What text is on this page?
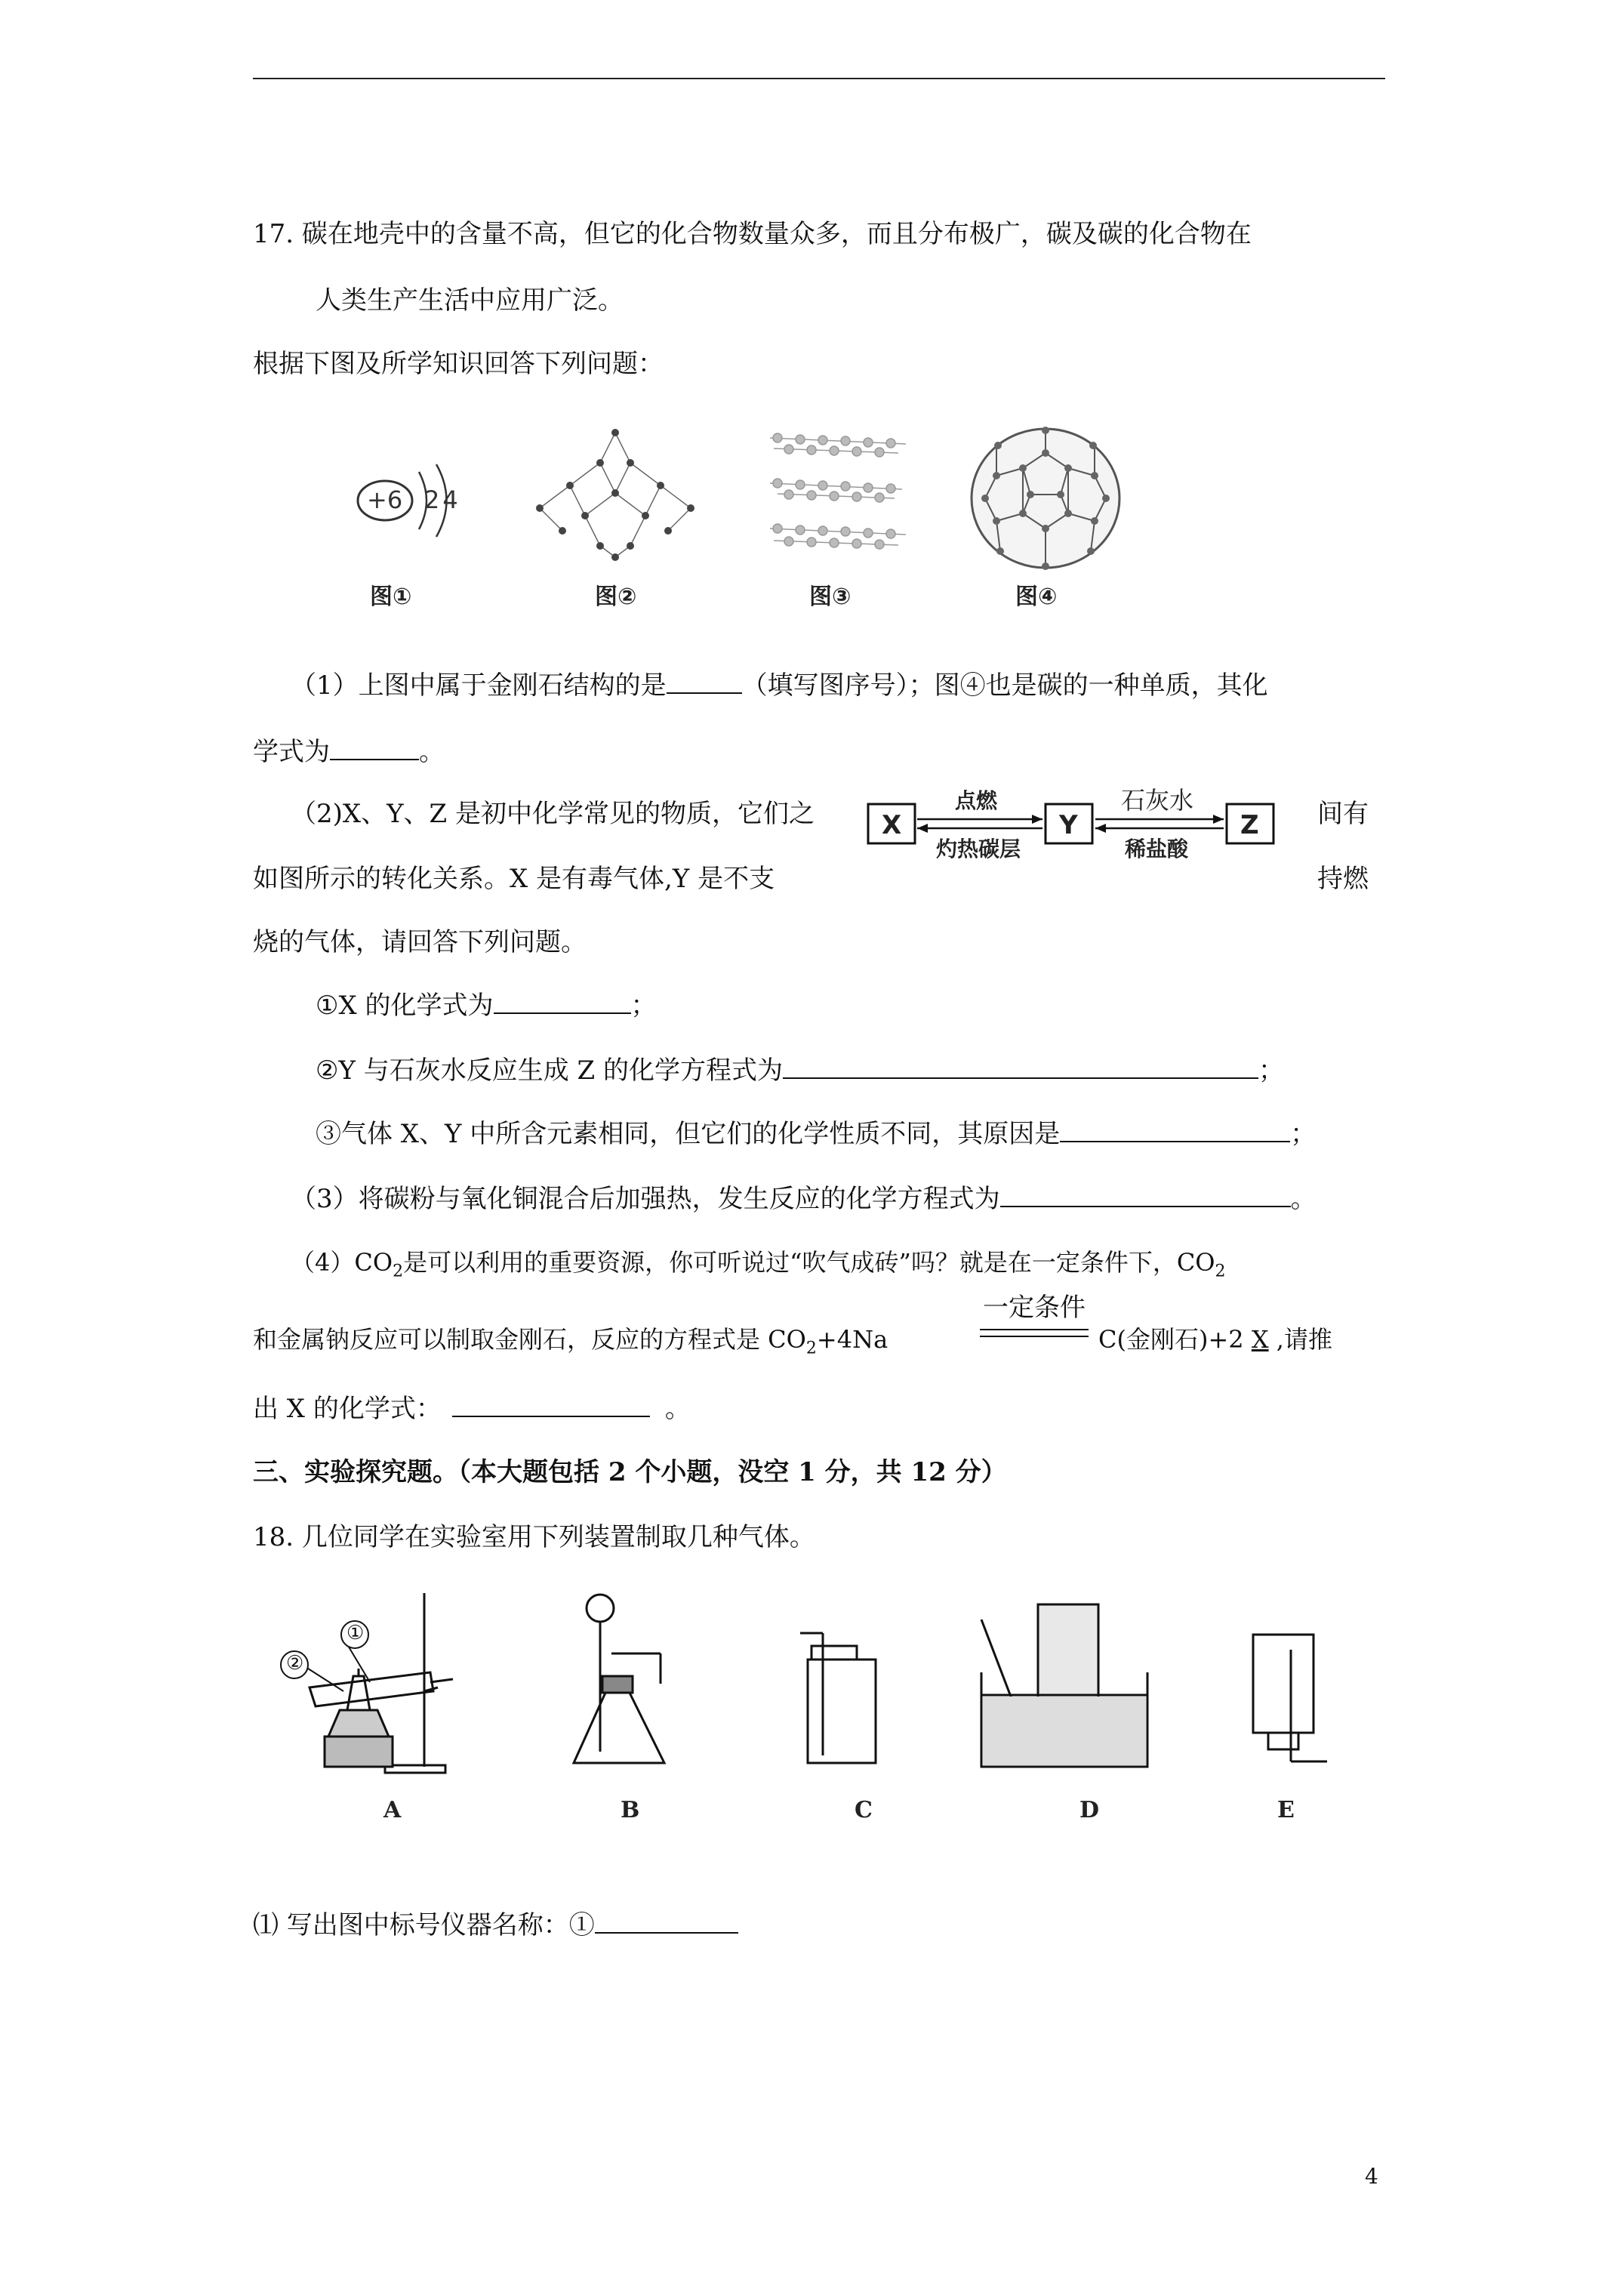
17. 碳在地壳中的含量不高，但它的化合物数量众多，而且分布极广，碳及碳的化合物在
人类生产生活中应用广泛。
根据下图及所学知识回答下列问题：
+6 24
图①	图②	图③	图④
（1）上图中属于金刚石结构的是	（填写图序号）；图④也是碳的一种单质，其化
学式为	。
（2)X、Y、Z 是初中化学常见的物质，它们之	间有
如图所示的转化关系。X 是有毒气体,Y 是不支	持燃
烧的气体，请回答下列问题。
X	Y	Z
点燃
灼热碳层
石灰水
稀盐酸
①X 的化学式为	；
②Y 与石灰水反应生成 Z 的化学方程式为	；
③气体 X、Y 中所含元素相同，但它们的化学性质不同，其原因是	；
（3）将碳粉与氧化铜混合后加强热，发生反应的化学方程式为	。
$(4)CO_2$是可以利用的重要资源，你可听说过“吹气成砖”吗？就是在一定条件下，$CO_2$
和金属钠反应可以制取金刚石，反应的方程式是 $CO_2+4Na$
一定条件
C(金刚石)+2 X ,请推
出 X 的化学式：	。
三、实验探究题。（本大题包括 2 个小题，没空 1 分，共 12 分）
18. 几位同学在实验室用下列装置制取几种气体。
①
②
A	B	C	D	E
⑴ 写出图中标号仪器名称：①
4
